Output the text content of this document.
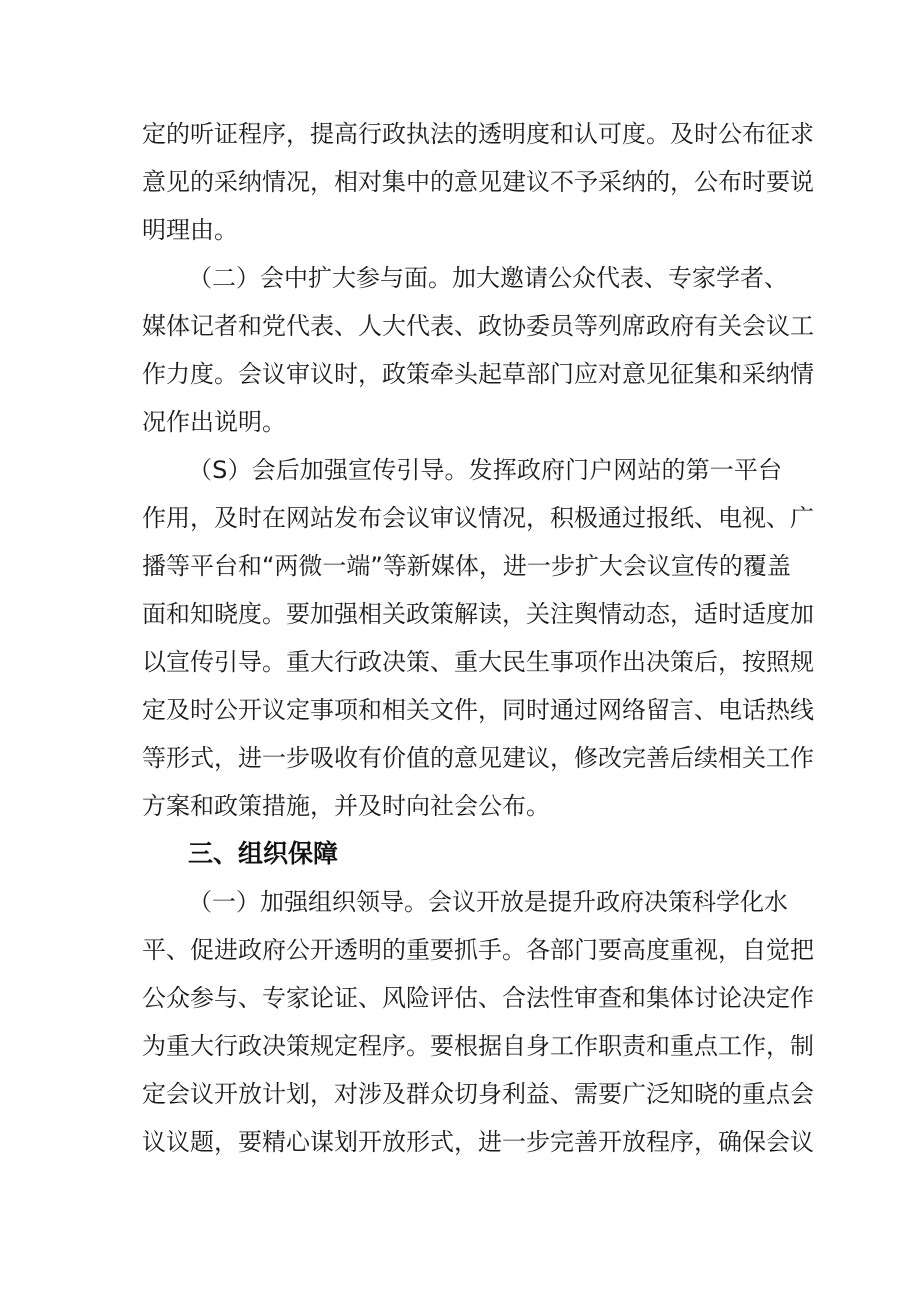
定的听证程序，提高行政执法的透明度和认可度。及时公布征求
意见的采纳情况，相对集中的意见建议不予采纳的，公布时要说
明理由。
（二）会中扩大参与面。加大邀请公众代表、专家学者、
媒体记者和党代表、人大代表、政协委员等列席政府有关会议工
作力度。会议审议时，政策牵头起草部门应对意见征集和采纳情
况作出说明。
（S）会后加强宣传引导。发挥政府门户网站的第一平台
作用，及时在网站发布会议审议情况，积极通过报纸、电视、广
播等平台和“两微一端”等新媒体，进一步扩大会议宣传的覆盖
面和知晓度。要加强相关政策解读，关注舆情动态，适时适度加
以宣传引导。重大行政决策、重大民生事项作出决策后，按照规
定及时公开议定事项和相关文件，同时通过网络留言、电话热线
等形式，进一步吸收有价值的意见建议，修改完善后续相关工作
方案和政策措施，并及时向社会公布。
三、组织保障
（一）加强组织领导。会议开放是提升政府决策科学化水
平、促进政府公开透明的重要抓手。各部门要高度重视，自觉把
公众参与、专家论证、风险评估、合法性审查和集体讨论决定作
为重大行政决策规定程序。要根据自身工作职责和重点工作，制
定会议开放计划，对涉及群众切身利益、需要广泛知晓的重点会
议议题，要精心谋划开放形式，进一步完善开放程序，确保会议
